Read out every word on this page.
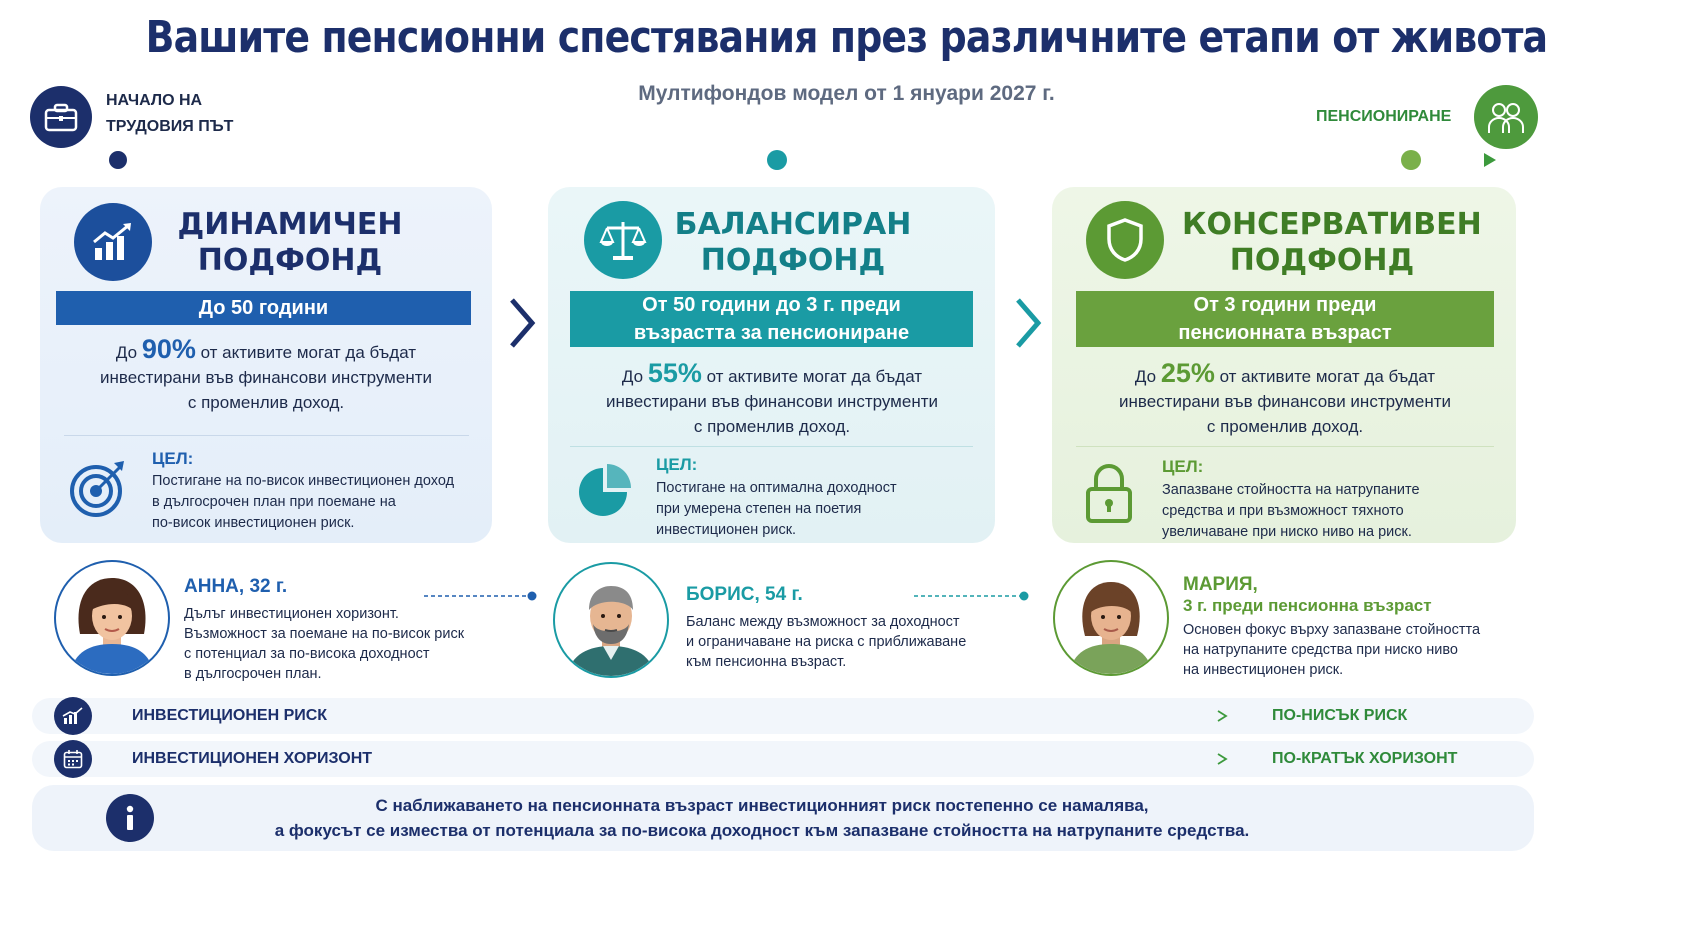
Вашите пенсионни спестявания през различните етапи от живота
Мултифондов модел от 1 януари 2027 г.
НАЧАЛО НА
ТРУДОВИЯ ПЪТ
ПЕНСИОНИРАНЕ
ДИНАМИЧЕН
ПОДФОНД
До 50 години
До 90% от активите могат да бъдат
инвестирани във финансови инструменти
с променлив доход.
ЦЕЛ:
Постигане на по-висок инвестиционен доход
в дългосрочен план при поемане на
по-висок инвестиционен риск.
БАЛАНСИРАН
ПОДФОНД
От 50 години до 3 г. преди
възрастта за пенсиониране
До 55% от активите могат да бъдат
инвестирани във финансови инструменти
с променлив доход.
ЦЕЛ:
Постигане на оптимална доходност
при умерена степен на поетия
инвестиционен риск.
КОНСЕРВАТИВЕН
ПОДФОНД
От 3 години преди
пенсионната възраст
До 25% от активите могат да бъдат
инвестирани във финансови инструменти
с променлив доход.
ЦЕЛ:
Запазване стойността на натрупаните
средства и при възможност тяхното
увеличаване при ниско ниво на риск.
АННА, 32 г.
Дълъг инвестиционен хоризонт.
Възможност за поемане на по-висок риск
с потенциал за по-висока доходност
в дългосрочен план.
БОРИС, 54 г.
Баланс между възможност за доходност
и ограничаване на риска с приближаване
към пенсионна възраст.
МАРИЯ,
3 г. преди пенсионна възраст
Основен фокус върху запазване стойността
на натрупаните средства при ниско ниво
на инвестиционен риск.
ИНВЕСТИЦИОНЕН РИСК	ПО-НИСЪК РИСК
ИНВЕСТИЦИОНЕН ХОРИЗОНТ	ПО-КРАТЪК ХОРИЗОНТ
С наближаването на пенсионната възраст инвестиционният риск постепенно се намалява,
а фокусът се измества от потенциала за по-висока доходност към запазване стойността на натрупаните средства.
